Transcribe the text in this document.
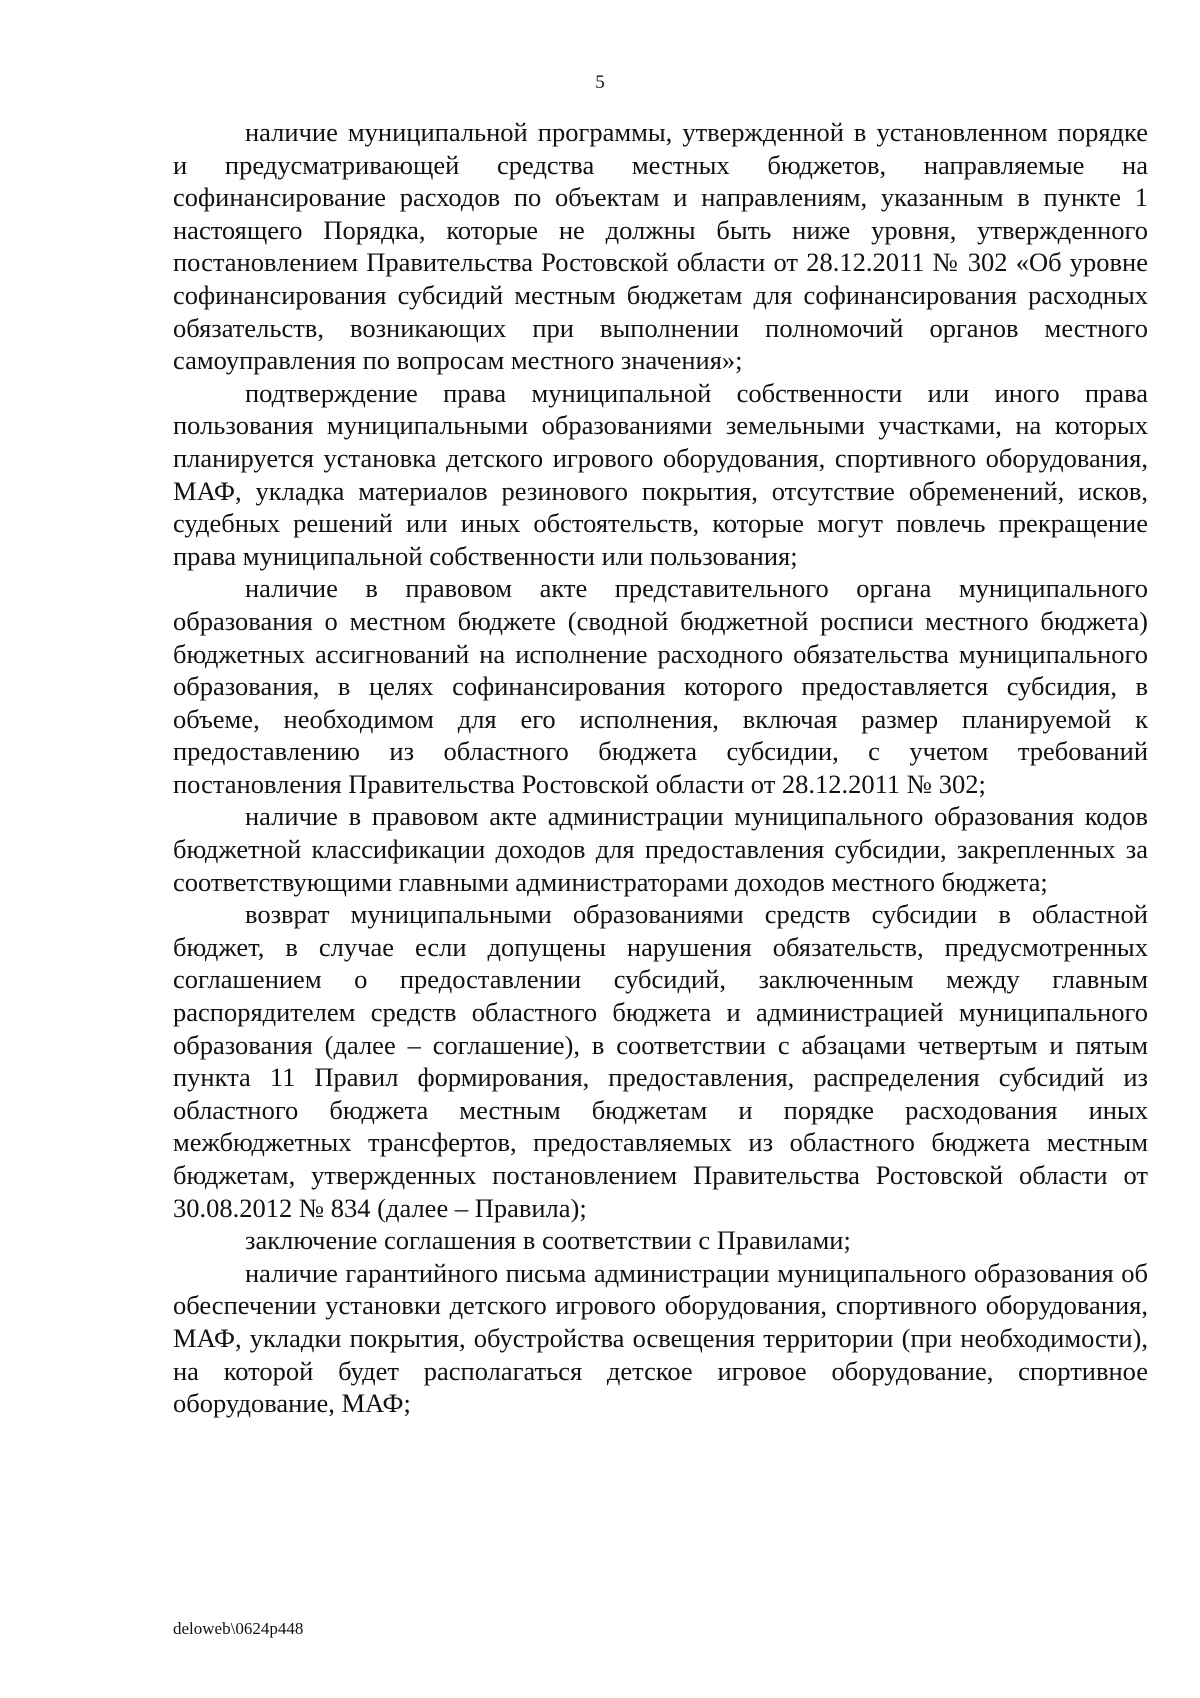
5

наличие муниципальной программы, утвержденной в установленном порядке и предусматривающей средства местных бюджетов, направляемые на софинансирование расходов по объектам и направлениям, указанным в пункте 1 настоящего Порядка, которые не должны быть ниже уровня, утвержденного постановлением Правительства Ростовской области от 28.12.2011 № 302 «Об уровне софинансирования субсидий местным бюджетам для софинансирования расходных обязательств, возникающих при выполнении полномочий органов местного самоуправления по вопросам местного значения»;

подтверждение права муниципальной собственности или иного права пользования муниципальными образованиями земельными участками, на которых планируется установка детского игрового оборудования, спортивного оборудования, МАФ, укладка материалов резинового покрытия, отсутствие обременений, исков, судебных решений или иных обстоятельств, которые могут повлечь прекращение права муниципальной собственности или пользования;

наличие в правовом акте представительного органа муниципального образования о местном бюджете (сводной бюджетной росписи местного бюджета) бюджетных ассигнований на исполнение расходного обязательства муниципального образования, в целях софинансирования которого предоставляется субсидия, в объеме, необходимом для его исполнения, включая размер планируемой к предоставлению из областного бюджета субсидии, с учетом требований постановления Правительства Ростовской области от 28.12.2011 № 302;

наличие в правовом акте администрации муниципального образования кодов бюджетной классификации доходов для предоставления субсидии, закрепленных за соответствующими главными администраторами доходов местного бюджета;

возврат муниципальными образованиями средств субсидии в областной бюджет, в случае если допущены нарушения обязательств, предусмотренных соглашением о предоставлении субсидий, заключенным между главным распорядителем средств областного бюджета и администрацией муниципального образования (далее – соглашение), в соответствии с абзацами четвертым и пятым пункта 11 Правил формирования, предоставления, распределения субсидий из областного бюджета местным бюджетам и порядке расходования иных межбюджетных трансфертов, предоставляемых из областного бюджета местным бюджетам, утвержденных постановлением Правительства Ростовской области от 30.08.2012 № 834 (далее – Правила);

заключение соглашения в соответствии с Правилами;

наличие гарантийного письма администрации муниципального образования об обеспечении установки детского игрового оборудования, спортивного оборудования, МАФ, укладки покрытия, обустройства освещения территории (при необходимости), на которой будет располагаться детское игровое оборудование, спортивное оборудование, МАФ;

deloweb\0624p448
